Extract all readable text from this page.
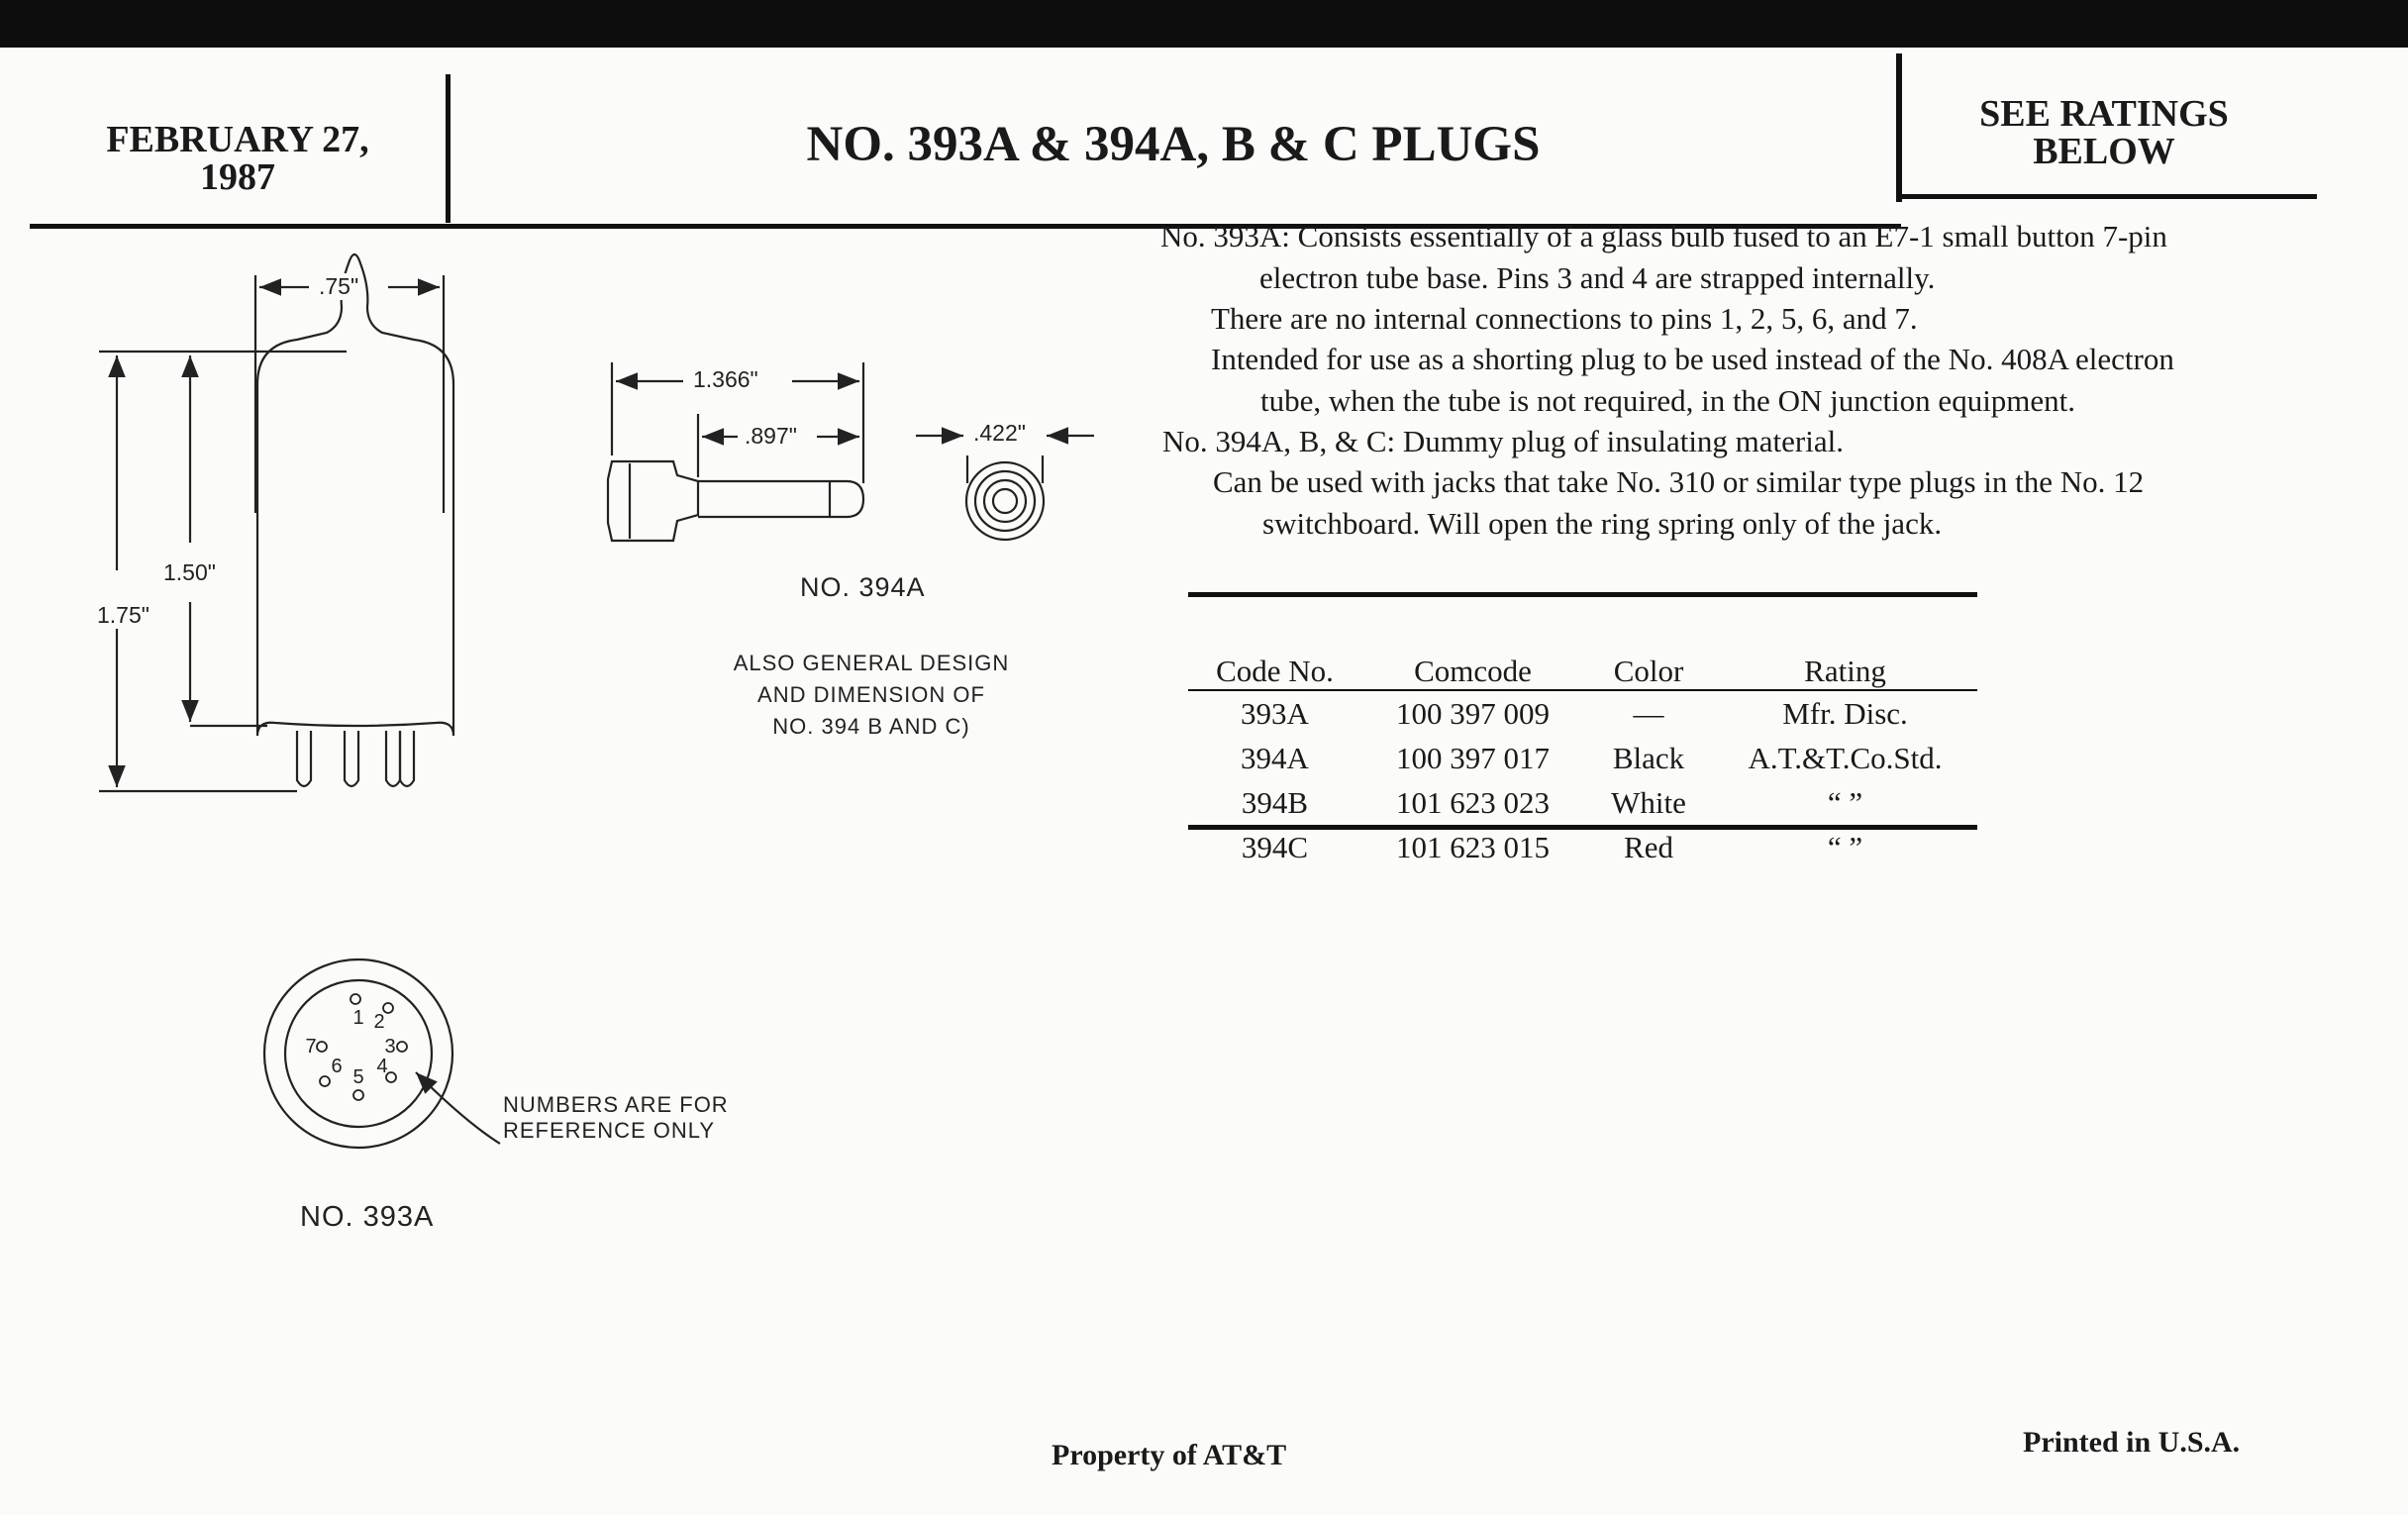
FEBRUARY 27,
1987
NO. 393A & 394A, B & C PLUGS
SEE RATINGS
BELOW
No. 393A: Consists essentially of a glass bulb fused to an E7-1 small button 7-pin
electron tube base. Pins 3 and 4 are strapped internally.
There are no internal connections to pins 1, 2, 5, 6, and 7.
Intended for use as a shorting plug to be used instead of the No. 408A electron
tube, when the tube is not required, in the ON junction equipment.
No. 394A, B, & C: Dummy plug of insulating material.
Can be used with jacks that take No. 310 or similar type plugs in the No. 12
switchboard. Will open the ring spring only of the jack.
Code No.	Comcode	Color	Rating
393A	100 397 009	—	Mfr. Disc.
394A	100 397 017	Black	A.T.&T.Co.Std.
394B	101 623 023	White	“ ”
394C	101 623 015	Red	“ ”
1 2
3
4
5
6
7
.75"
1.50"
1.75"
1.366"
.897"	.422"
NO. 394A
ALSO GENERAL DESIGN
AND DIMENSION OF
NO. 394 B AND C)
NUMBERS ARE FOR
REFERENCE ONLY
NO. 393A
Property of AT&T	Printed in U.S.A.
